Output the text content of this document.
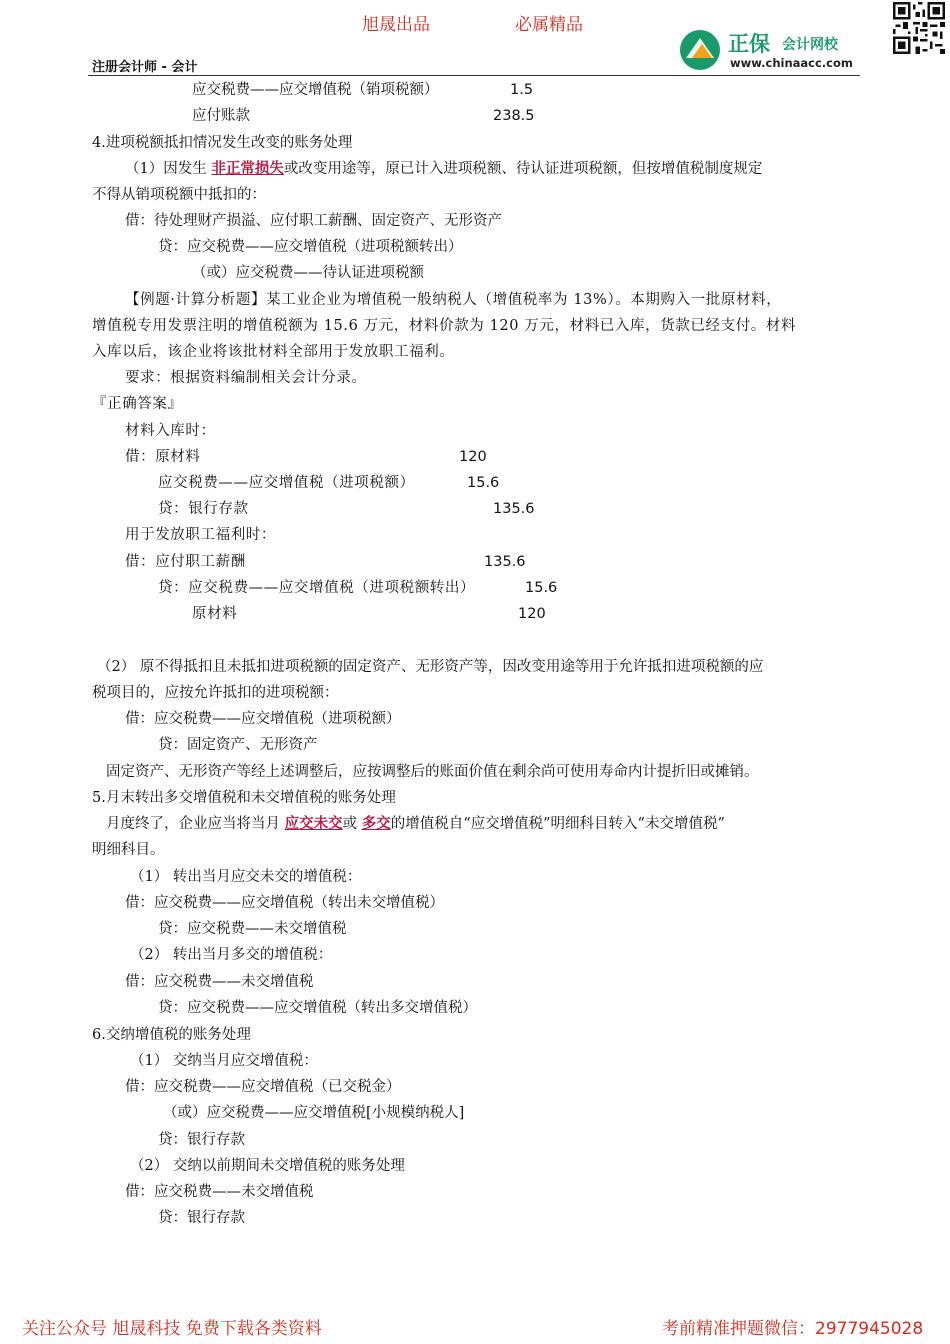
旭晟出品	必属精品
注册会计师 - 会计
正保 会计网校
www.chinaacc.com
应交税费——应交增值税（销项税额）	1.5
应付账款	238.5
4.进项税额抵扣情况发生改变的账务处理
（1）因发生 非正常损失或改变用途等，原已计入进项税额、待认证进项税额，但按增值税制度规定
不得从销项税额中抵扣的：
借：待处理财产损溢、应付职工薪酬、固定资产、无形资产
贷：应交税费——应交增值税（进项税额转出）
（或）应交税费——待认证进项税额
【例题·计算分析题】某工业企业为增值税一般纳税人（增值税率为 13%）。本期购入一批原材料，
增值税专用发票注明的增值税额为 15.6 万元，材料价款为 120 万元，材料已入库，货款已经支付。材料
入库以后，该企业将该批材料全部用于发放职工福利。
要求：根据资料编制相关会计分录。
『正确答案』
材料入库时：
借：原材料	120
应交税费——应交增值税（进项税额）	15.6
贷：银行存款	135.6
用于发放职工福利时：
借：应付职工薪酬	135.6
贷：应交税费——应交增值税（进项税额转出）	15.6
原材料	120
（2） 原不得抵扣且未抵扣进项税额的固定资产、无形资产等，因改变用途等用于允许抵扣进项税额的应
税项目的，应按允许抵扣的进项税额：
借：应交税费——应交增值税（进项税额）
贷：固定资产、无形资产
固定资产、无形资产等经上述调整后，应按调整后的账面价值在剩余尚可使用寿命内计提折旧或摊销。
5.月末转出多交增值税和未交增值税的账务处理
月度终了，企业应当将当月 应交未交或 多交的增值税自“应交增值税”明细科目转入“未交增值税”
明细科目。
（1） 转出当月应交未交的增值税：
借：应交税费——应交增值税（转出未交增值税）
贷：应交税费——未交增值税
（2） 转出当月多交的增值税：
借：应交税费——未交增值税
贷：应交税费——应交增值税（转出多交增值税）
6.交纳增值税的账务处理
（1） 交纳当月应交增值税：
借：应交税费——应交增值税（已交税金）
（或）应交税费——应交增值税[小规模纳税人]
贷：银行存款
（2） 交纳以前期间未交增值税的账务处理
借：应交税费——未交增值税
贷：银行存款
关注公众号 旭晟科技 免费下载各类资料	考前精准押题微信：2977945028
